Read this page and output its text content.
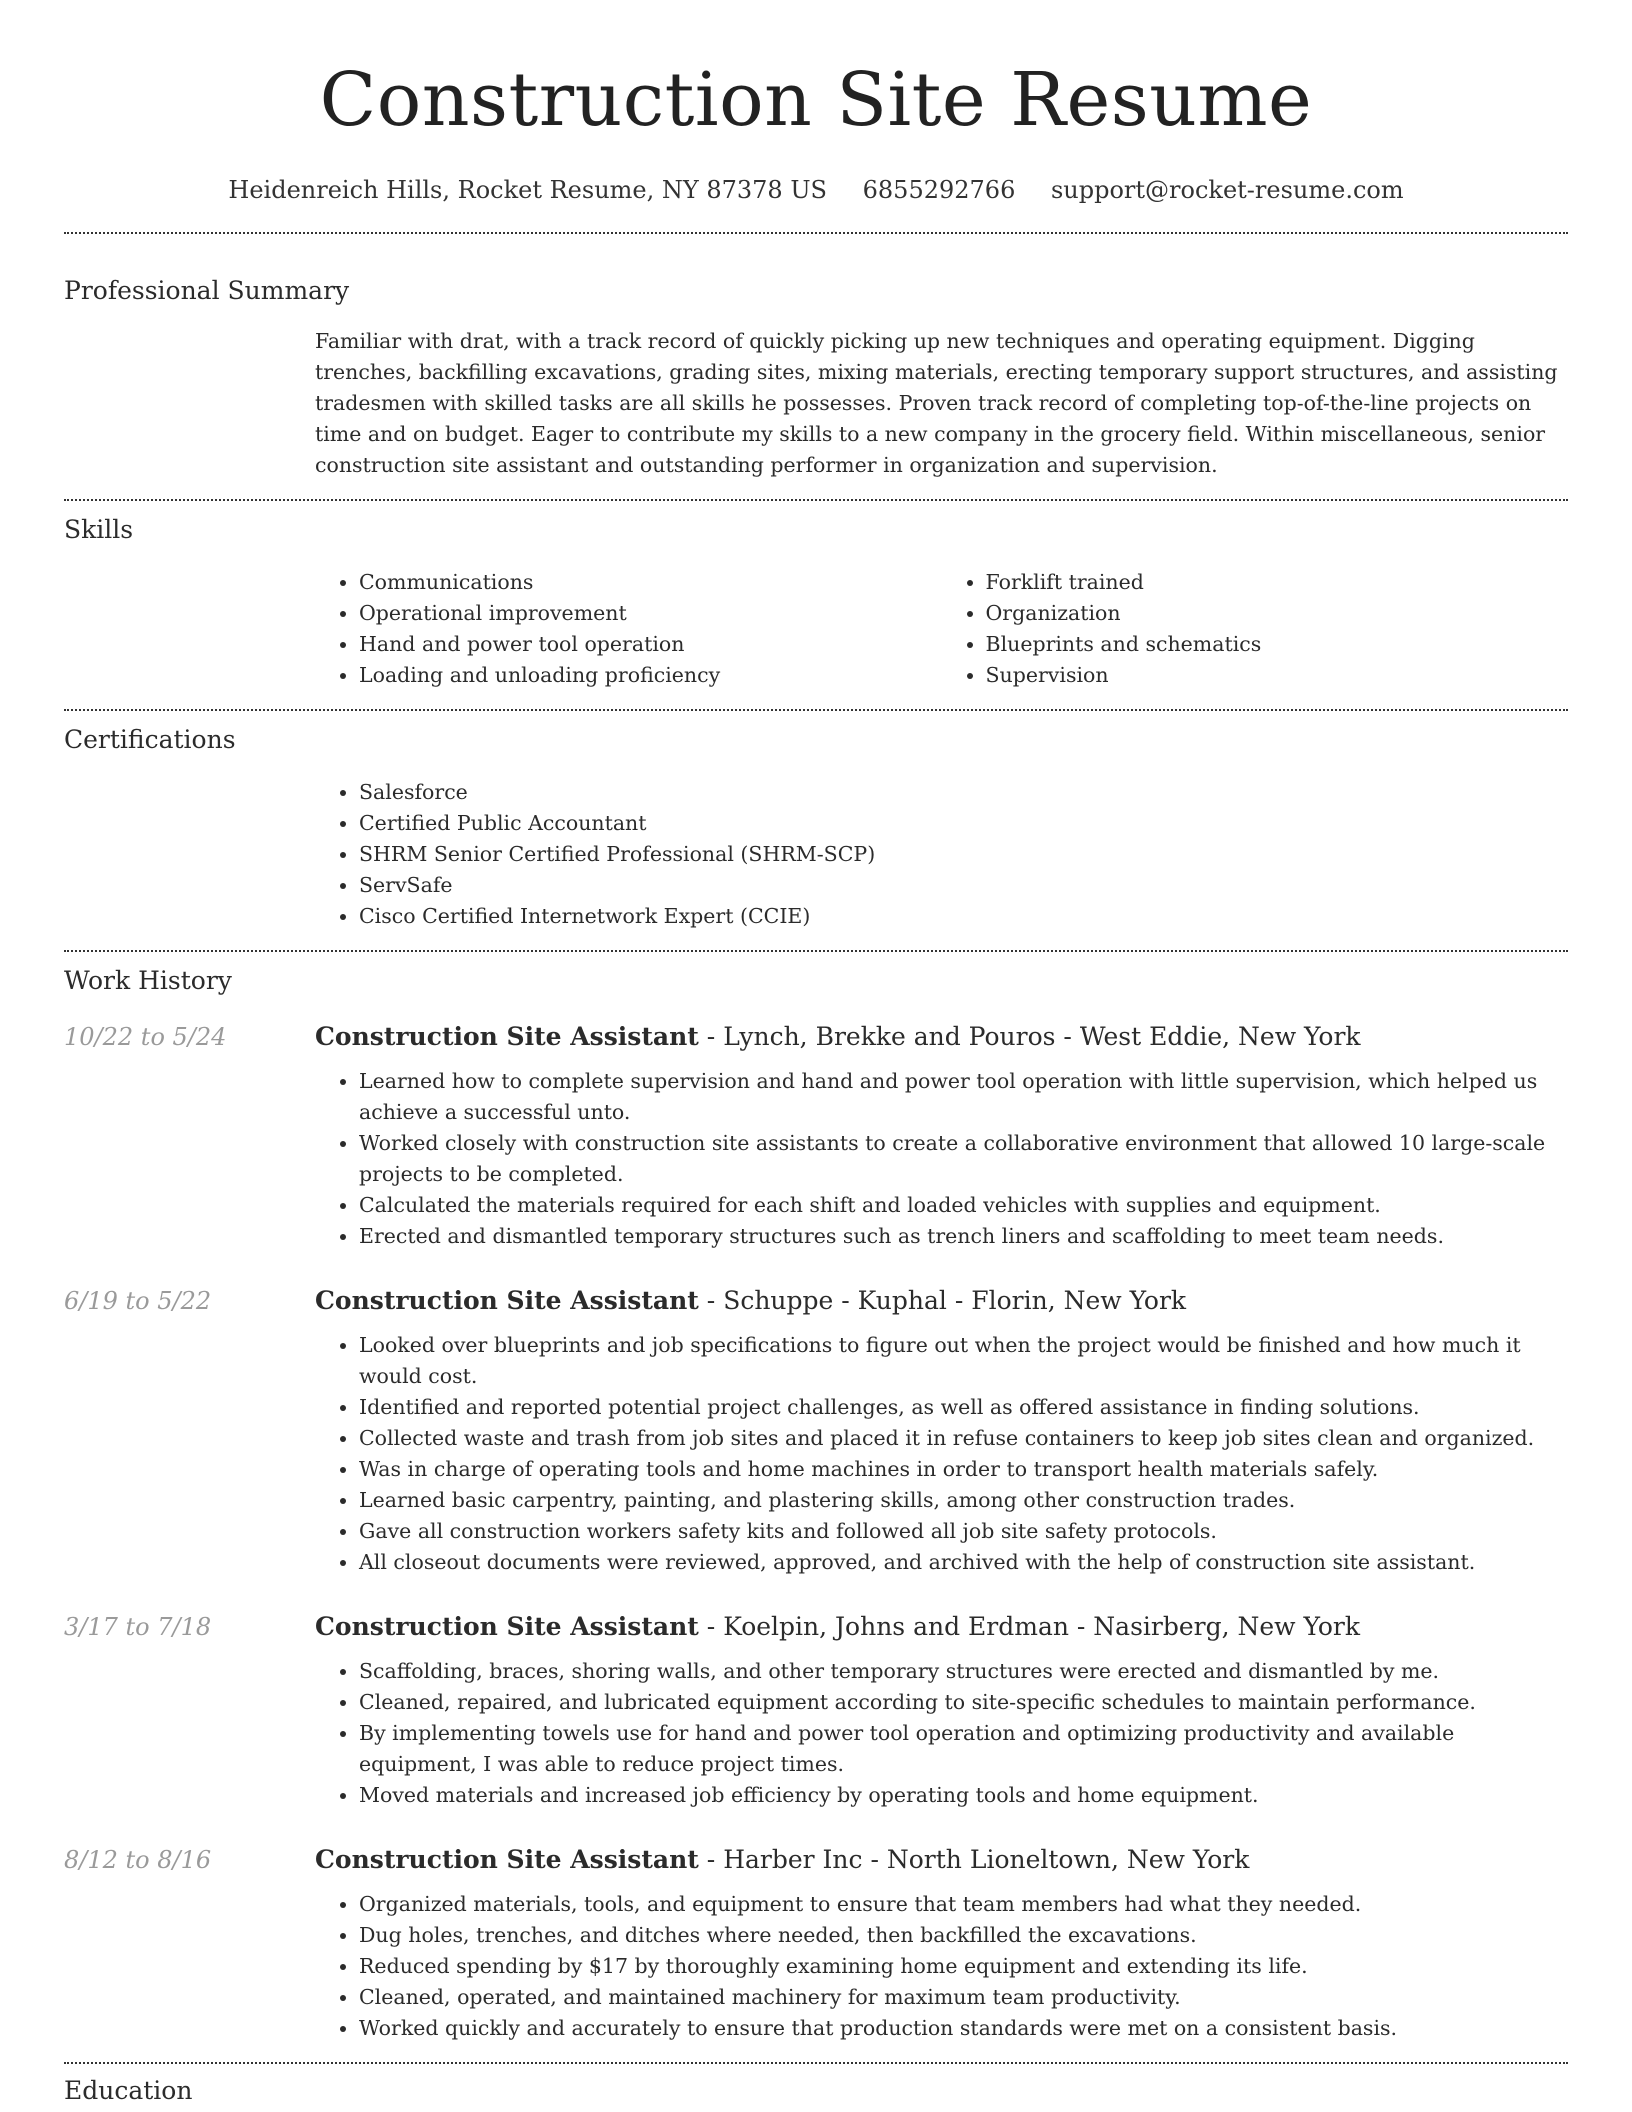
Construction Site Resume
Heidenreich Hills, Rocket Resume, NY 87378 US 6855292766 support@rocket-resume.com
Professional Summary
Familiar with drat, with a track record of quickly picking up new techniques and operating equipment. Digging trenches, backfilling excavations, grading sites, mixing materials, erecting temporary support structures, and assisting tradesmen with skilled tasks are all skills he possesses. Proven track record of completing top-of-the-line projects on time and on budget. Eager to contribute my skills to a new company in the grocery field. Within miscellaneous, senior construction site assistant and outstanding performer in organization and supervision.
Skills
• Communications
• Operational improvement
• Hand and power tool operation
• Loading and unloading proficiency
• Forklift trained
• Organization
• Blueprints and schematics
• Supervision
Certifications
• Salesforce
• Certified Public Accountant
• SHRM Senior Certified Professional (SHRM-SCP)
• ServSafe
• Cisco Certified Internetwork Expert (CCIE)
Work History
10/22 to 5/24	Construction Site Assistant - Lynch, Brekke and Pouros - West Eddie, New York
• Learned how to complete supervision and hand and power tool operation with little supervision, which helped us achieve a successful unto.
• Worked closely with construction site assistants to create a collaborative environment that allowed 10 large-scale projects to be completed.
• Calculated the materials required for each shift and loaded vehicles with supplies and equipment.
• Erected and dismantled temporary structures such as trench liners and scaffolding to meet team needs.
6/19 to 5/22	Construction Site Assistant - Schuppe - Kuphal - Florin, New York
• Looked over blueprints and job specifications to figure out when the project would be finished and how much it would cost.
• Identified and reported potential project challenges, as well as offered assistance in finding solutions.
• Collected waste and trash from job sites and placed it in refuse containers to keep job sites clean and organized.
• Was in charge of operating tools and home machines in order to transport health materials safely.
• Learned basic carpentry, painting, and plastering skills, among other construction trades.
• Gave all construction workers safety kits and followed all job site safety protocols.
• All closeout documents were reviewed, approved, and archived with the help of construction site assistant.
3/17 to 7/18	Construction Site Assistant - Koelpin, Johns and Erdman - Nasirberg, New York
• Scaffolding, braces, shoring walls, and other temporary structures were erected and dismantled by me.
• Cleaned, repaired, and lubricated equipment according to site-specific schedules to maintain performance.
• By implementing towels use for hand and power tool operation and optimizing productivity and available equipment, I was able to reduce project times.
• Moved materials and increased job efficiency by operating tools and home equipment.
8/12 to 8/16	Construction Site Assistant - Harber Inc - North Lioneltown, New York
• Organized materials, tools, and equipment to ensure that team members had what they needed.
• Dug holes, trenches, and ditches where needed, then backfilled the excavations.
• Reduced spending by $17 by thoroughly examining home equipment and extending its life.
• Cleaned, operated, and maintained machinery for maximum team productivity.
• Worked quickly and accurately to ensure that production standards were met on a consistent basis.
Education
